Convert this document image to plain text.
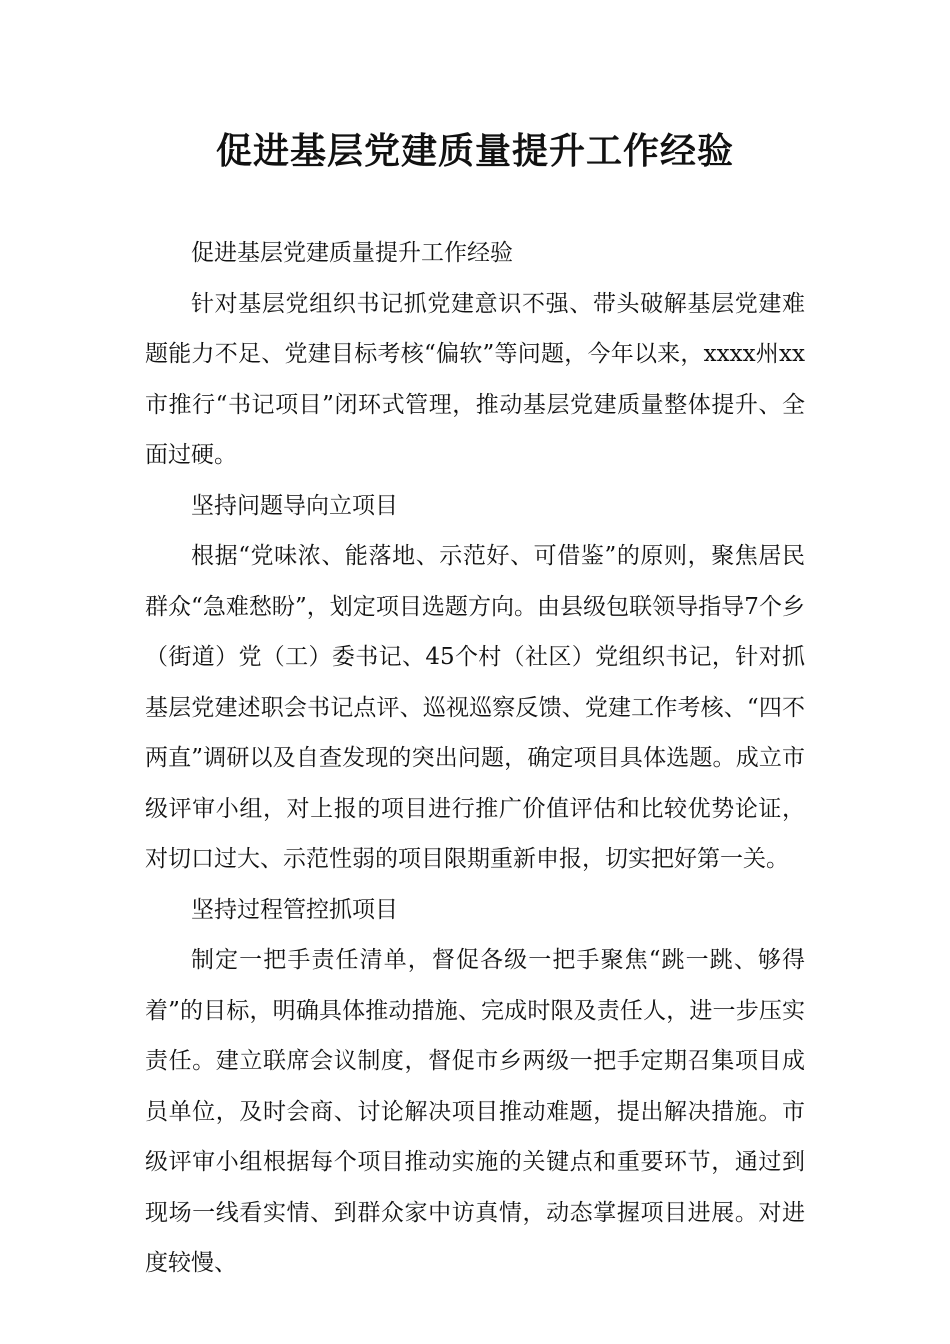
促进基层党建质量提升工作经验

促进基层党建质量提升工作经验

针对基层党组织书记抓党建意识不强、带头破解基层党建难题能力不足、党建目标考核“偏软”等问题，今年以来，xxxx州xx市推行“书记项目”闭环式管理，推动基层党建质量整体提升、全面过硬。

坚持问题导向立项目

根据“党味浓、能落地、示范好、可借鉴”的原则，聚焦居民群众“急难愁盼”，划定项目选题方向。由县级包联领导指导7个乡（街道）党（工）委书记、45个村（社区）党组织书记，针对抓基层党建述职会书记点评、巡视巡察反馈、党建工作考核、“四不两直”调研以及自查发现的突出问题，确定项目具体选题。成立市级评审小组，对上报的项目进行推广价值评估和比较优势论证，对切口过大、示范性弱的项目限期重新申报，切实把好第一关。

坚持过程管控抓项目

制定一把手责任清单，督促各级一把手聚焦“跳一跳、够得着”的目标，明确具体推动措施、完成时限及责任人，进一步压实责任。建立联席会议制度，督促市乡两级一把手定期召集项目成员单位，及时会商、讨论解决项目推动难题，提出解决措施。市级评审小组根据每个项目推动实施的关键点和重要环节，通过到现场一线看实情、到群众家中访真情，动态掌握项目进展。对进度较慢、
